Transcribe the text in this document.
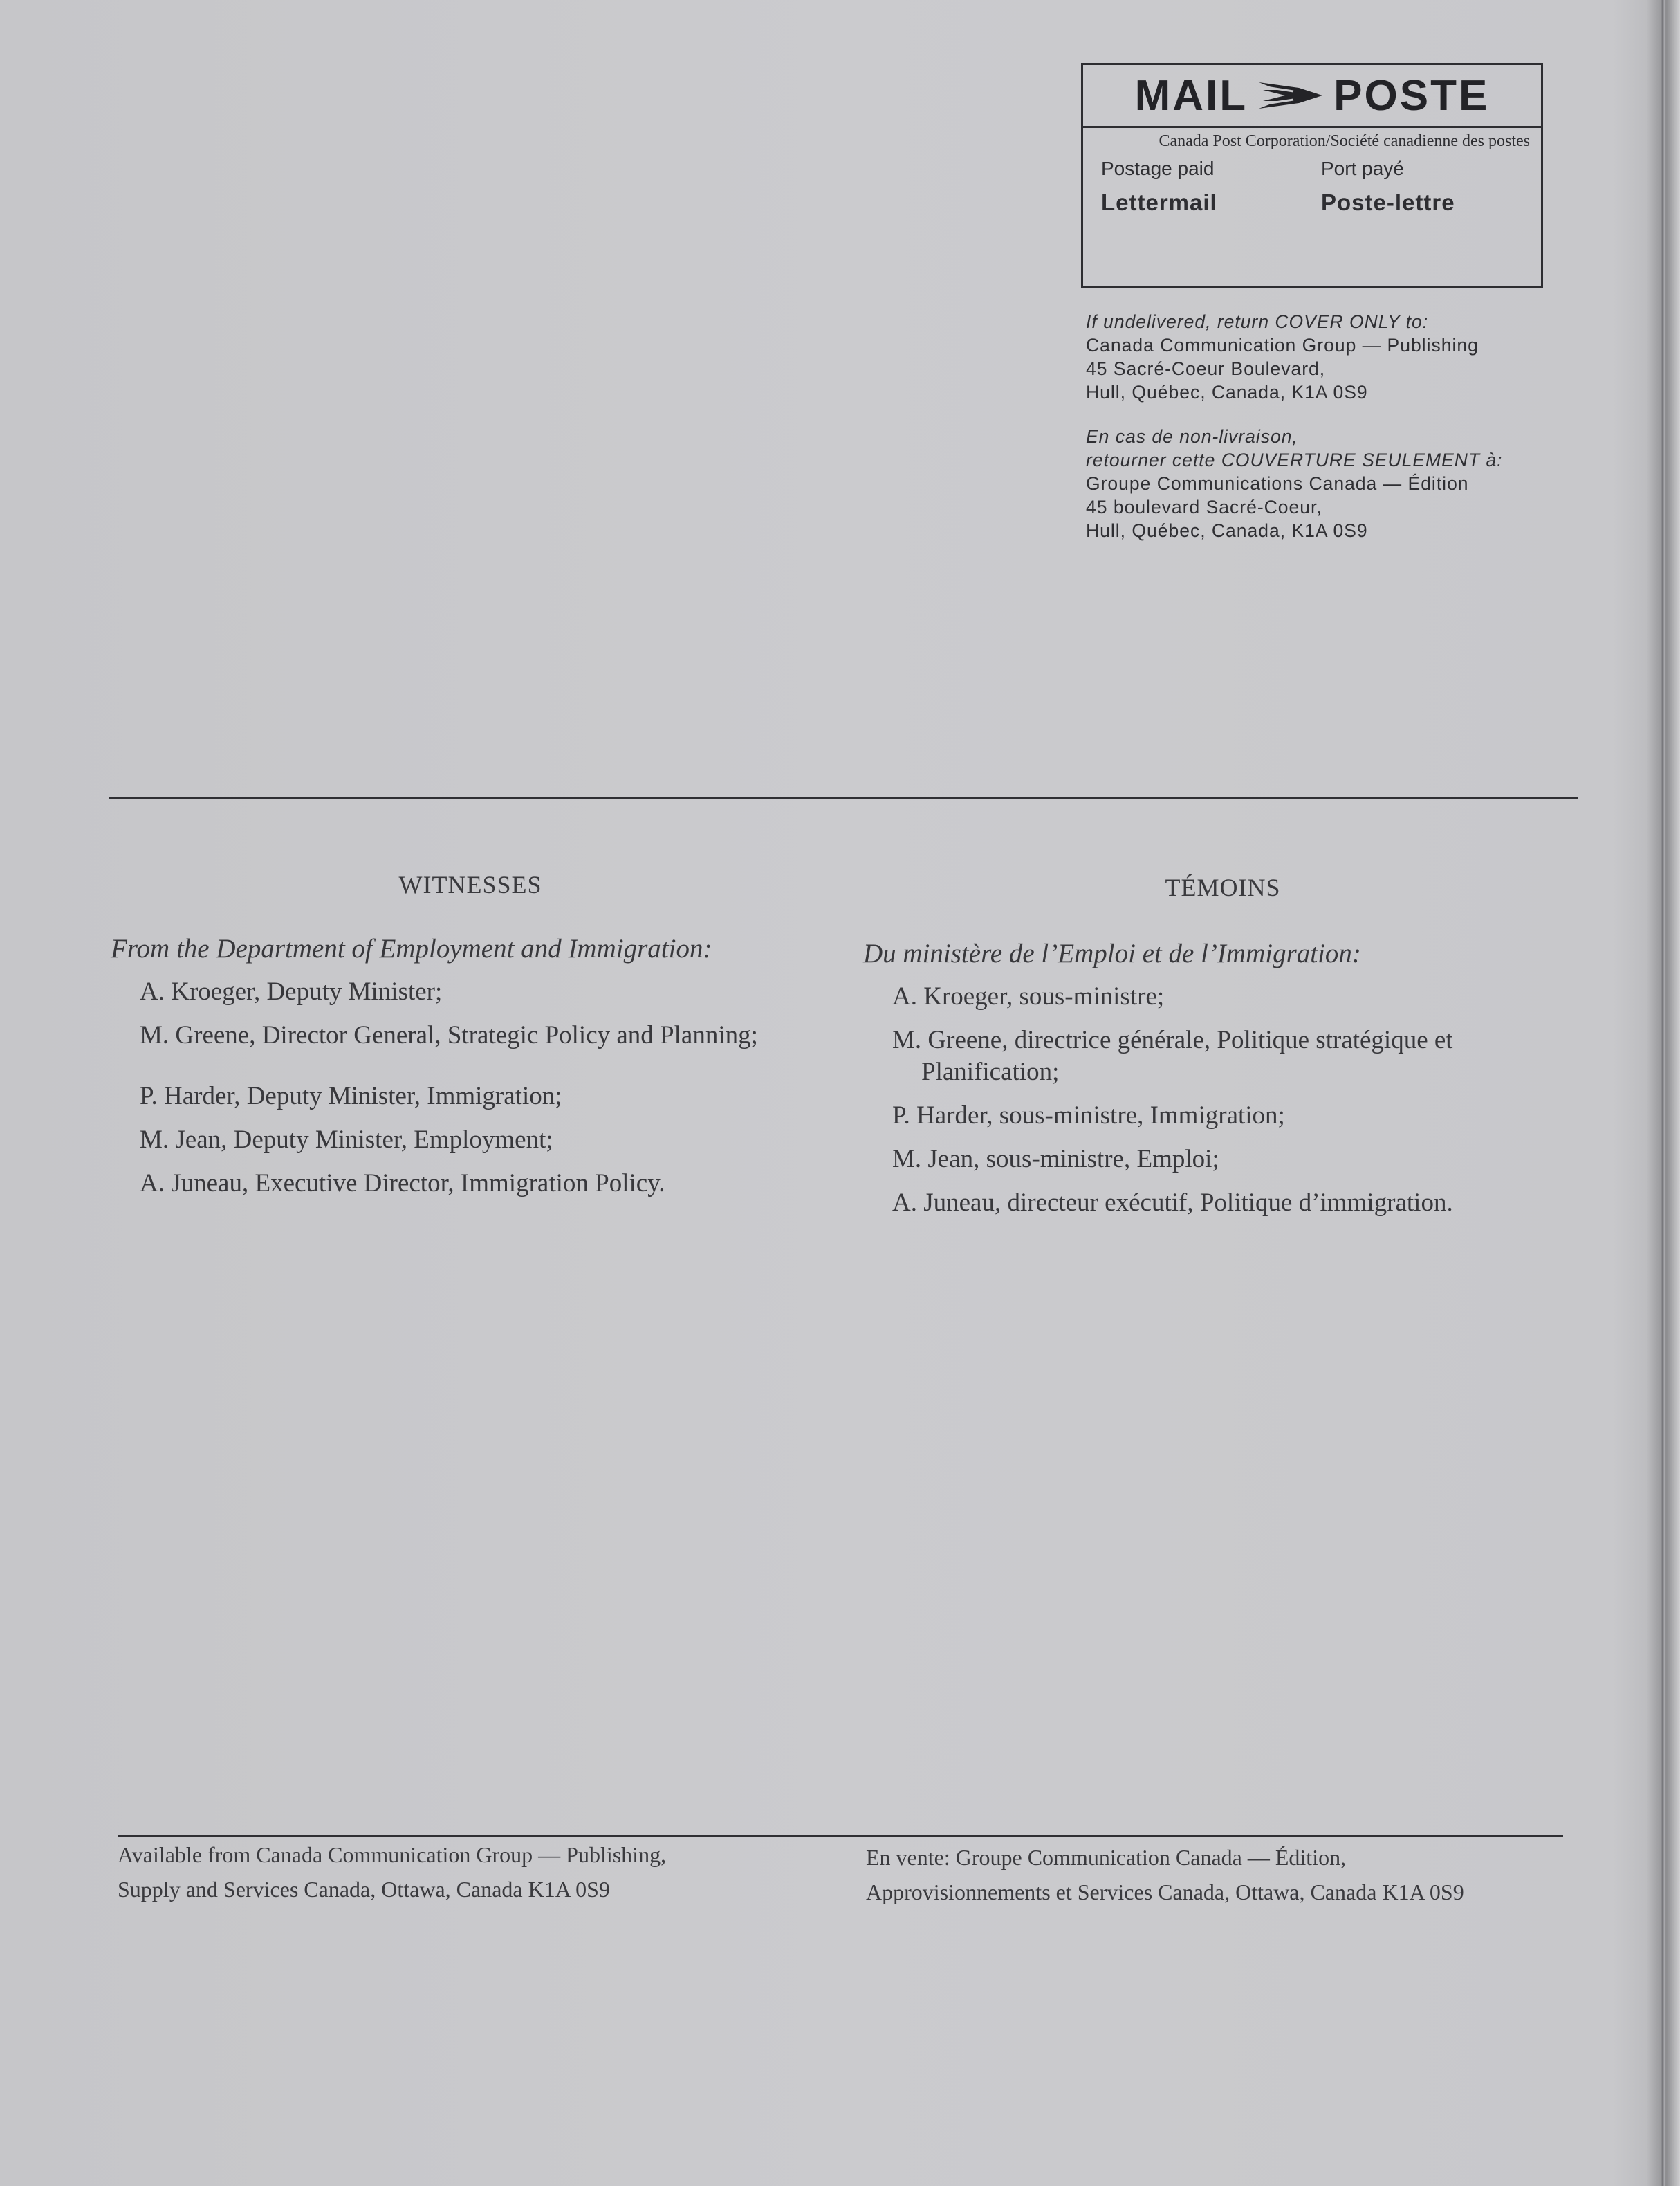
MAIL POSTE
Canada Post Corporation/Société canadienne des postes
Postage paid	Port payé
Lettermail	Poste-lettre
If undelivered, return COVER ONLY to:
Canada Communication Group — Publishing
45 Sacré-Coeur Boulevard,
Hull, Québec, Canada, K1A 0S9
En cas de non-livraison,
retourner cette COUVERTURE SEULEMENT à:
Groupe Communications Canada — Édition
45 boulevard Sacré-Coeur,
Hull, Québec, Canada, K1A 0S9
WITNESSES
From the Department of Employment and Immigration:
A. Kroeger, Deputy Minister;
M. Greene, Director General, Strategic Policy and Planning;
P. Harder, Deputy Minister, Immigration;
M. Jean, Deputy Minister, Employment;
A. Juneau, Executive Director, Immigration Policy.
TÉMOINS
Du ministère de l’Emploi et de l’Immigration:
A. Kroeger, sous-ministre;
M. Greene, directrice générale, Politique stratégique et Planification;
P. Harder, sous-ministre, Immigration;
M. Jean, sous-ministre, Emploi;
A. Juneau, directeur exécutif, Politique d’immigration.
Available from Canada Communication Group — Publishing,
Supply and Services Canada, Ottawa, Canada K1A 0S9
En vente: Groupe Communication Canada — Édition,
Approvisionnements et Services Canada, Ottawa, Canada K1A 0S9
